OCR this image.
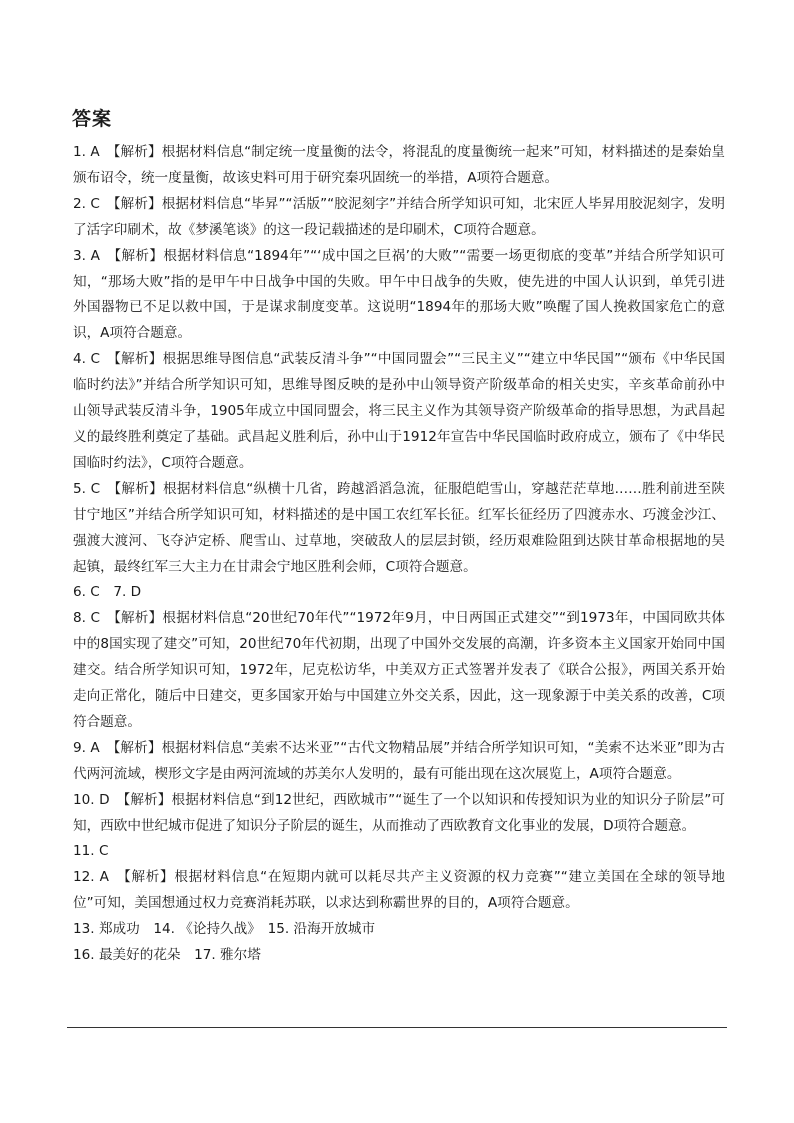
答案

1. A　 【解析】根据材料信息“制定统一度量衡的法令，将混乱的度量衡统一起来”可知，材料描述的是秦始皇颁布诏令，统一度量衡，故该史料可用于研究秦巩固统一的举措，A项符合题意。

2. C　 【解析】根据材料信息“毕昇”“活版”“胶泥刻字”并结合所学知识可知，北宋匠人毕昇用胶泥刻字，发明了活字印刷术，故《梦溪笔谈》的这一段记载描述的是印刷术，C项符合题意。

3. A　 【解析】根据材料信息“1894年”“‘成中国之巨祸’的大败”“需要一场更彻底的变革”并结合所学知识可知，“那场大败”指的是甲午中日战争中国的失败。甲午中日战争的失败，使先进的中国人认识到，单凭引进外国器物已不足以救中国，于是谋求制度变革。这说明“1894年的那场大败”唤醒了国人挽救国家危亡的意识，A项符合题意。

4. C　 【解析】根据思维导图信息“武装反清斗争”“中国同盟会”“三民主义”“建立中华民国”“颁布《中华民国临时约法》”并结合所学知识可知，思维导图反映的是孙中山领导资产阶级革命的相关史实，辛亥革命前孙中山领导武装反清斗争，1905年成立中国同盟会，将三民主义作为其领导资产阶级革命的指导思想，为武昌起义的最终胜利奠定了基础。武昌起义胜利后，孙中山于1912年宣告中华民国临时政府成立，颁布了《中华民国临时约法》，C项符合题意。

5. C　 【解析】根据材料信息“纵横十几省，跨越滔滔急流，征服皑皑雪山，穿越茫茫草地……胜利前进至陕甘宁地区”并结合所学知识可知，材料描述的是中国工农红军长征。红军长征经历了四渡赤水、巧渡金沙江、强渡大渡河、飞夺泸定桥、爬雪山、过草地，突破敌人的层层封锁，经历艰难险阻到达陕甘革命根据地的吴起镇，最终红军三大主力在甘肃会宁地区胜利会师，C项符合题意。

6. C　7. D

8. C　 【解析】根据材料信息“20世纪70年代”“1972年9月，中日两国正式建交”“到1973年，中国同欧共体中的8国实现了建交”可知，20世纪70年代初期，出现了中国外交发展的高潮，许多资本主义国家开始同中国建交。结合所学知识可知，1972年，尼克松访华，中美双方正式签署并发表了《联合公报》，两国关系开始走向正常化，随后中日建交，更多国家开始与中国建立外交关系，因此，这一现象源于中美关系的改善，C项符合题意。

9. A　 【解析】根据材料信息“美索不达米亚”“古代文物精品展”并结合所学知识可知，“美索不达米亚”即为古代两河流域，楔形文字是由两河流域的苏美尔人发明的，最有可能出现在这次展览上，A项符合题意。

10. D　 【解析】根据材料信息“到12世纪，西欧城市”“诞生了一个以知识和传授知识为业的知识分子阶层”可知，西欧中世纪城市促进了知识分子阶层的诞生，从而推动了西欧教育文化事业的发展，D项符合题意。

11. C

12. A　 【解析】根据材料信息“在短期内就可以耗尽共产主义资源的权力竞赛”“建立美国在全球的领导地位”可知，美国想通过权力竞赛消耗苏联，以求达到称霸世界的目的，A项符合题意。

13. 郑成功　14. 《论持久战》　15. 沿海开放城市

16. 最美好的花朵　17. 雅尔塔
